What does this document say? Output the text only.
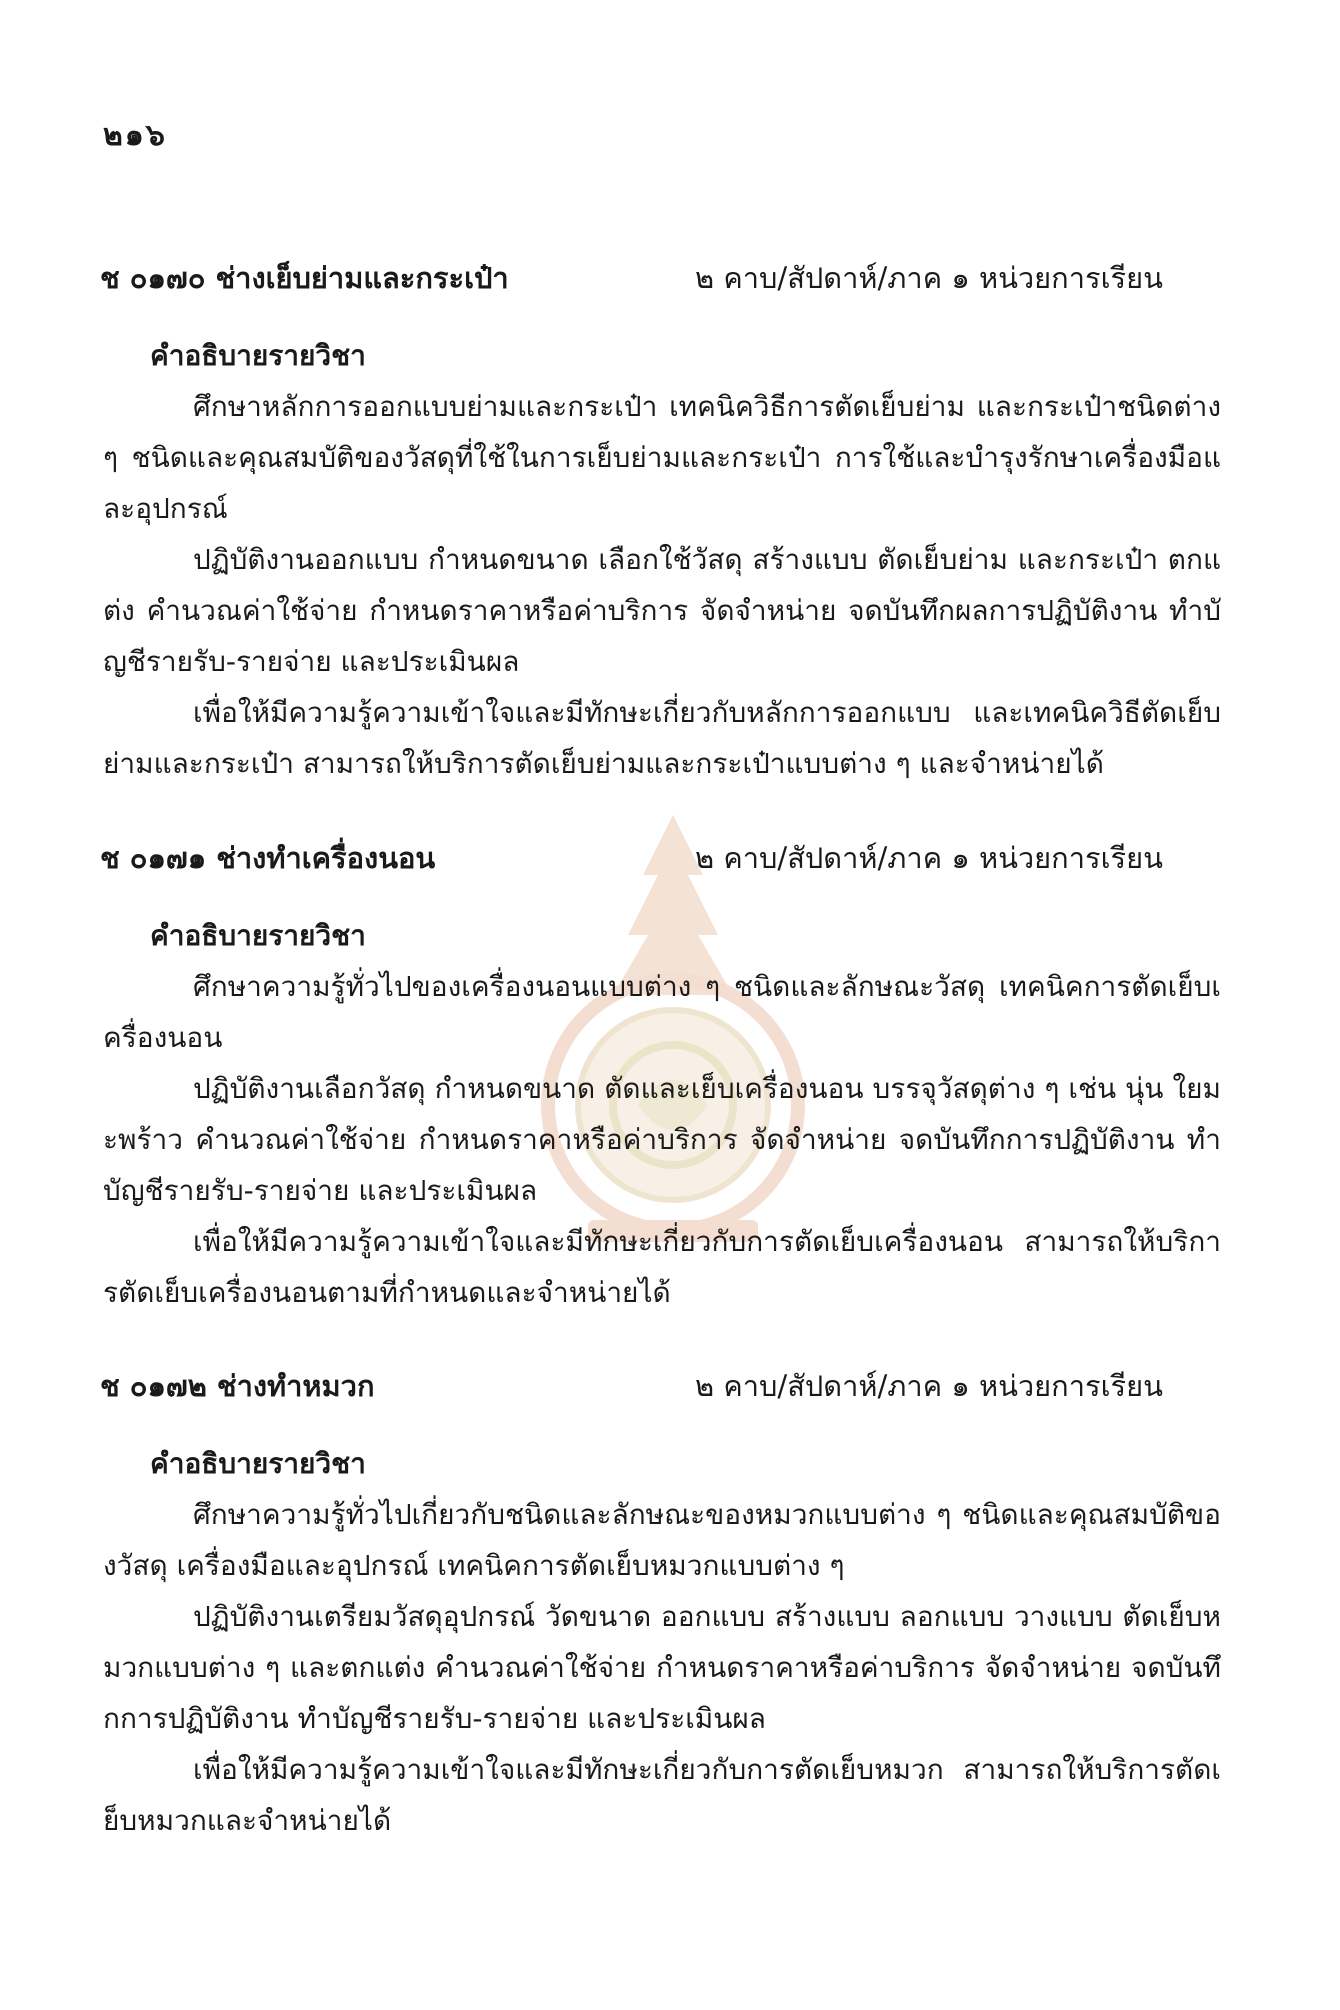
๒๑๖
ช ๐๑๗๐ ช่างเย็บย่ามและกระเป๋า	๒ คาบ/สัปดาห์/ภาค ๑ หน่วยการเรียน
คำอธิบายรายวิชา

ศึกษาหลักการออกแบบย่ามและกระเป๋า เทคนิควิธีการตัดเย็บย่าม และกระเป๋าชนิดต่าง ๆ ชนิดและคุณสมบัติของวัสดุที่ใช้ในการเย็บย่ามและกระเป๋า การใช้และบำรุงรักษาเครื่องมือและอุปกรณ์

ปฏิบัติงานออกแบบ กำหนดขนาด เลือกใช้วัสดุ สร้างแบบ ตัดเย็บย่าม และกระเป๋า ตกแต่ง คำนวณค่าใช้จ่าย กำหนดราคาหรือค่าบริการ จัดจำหน่าย จดบันทึกผลการปฏิบัติงาน ทำบัญชีรายรับ-รายจ่าย และประเมินผล

เพื่อให้มีความรู้ความเข้าใจและมีทักษะเกี่ยวกับหลักการออกแบบ และเทคนิควิธีตัดเย็บย่ามและกระเป๋า สามารถให้บริการตัดเย็บย่ามและกระเป๋าแบบต่าง ๆ และจำหน่ายได้

ช ๐๑๗๑ ช่างทำเครื่องนอน	๒ คาบ/สัปดาห์/ภาค ๑ หน่วยการเรียน
คำอธิบายรายวิชา

ศึกษาความรู้ทั่วไปของเครื่องนอนแบบต่าง ๆ ชนิดและลักษณะวัสดุ เทคนิคการตัดเย็บเครื่องนอน

ปฏิบัติงานเลือกวัสดุ กำหนดขนาด ตัดและเย็บเครื่องนอน บรรจุวัสดุต่าง ๆ เช่น นุ่น ใยมะพร้าว คำนวณค่าใช้จ่าย กำหนดราคาหรือค่าบริการ จัดจำหน่าย จดบันทึกการปฏิบัติงาน ทำบัญชีรายรับ-รายจ่าย และประเมินผล

เพื่อให้มีความรู้ความเข้าใจและมีทักษะเกี่ยวกับการตัดเย็บเครื่องนอน สามารถให้บริการตัดเย็บเครื่องนอนตามที่กำหนดและจำหน่ายได้

ช ๐๑๗๒ ช่างทำหมวก	๒ คาบ/สัปดาห์/ภาค ๑ หน่วยการเรียน
คำอธิบายรายวิชา

ศึกษาความรู้ทั่วไปเกี่ยวกับชนิดและลักษณะของหมวกแบบต่าง ๆ ชนิดและคุณสมบัติของวัสดุ เครื่องมือและอุปกรณ์ เทคนิคการตัดเย็บหมวกแบบต่าง ๆ

ปฏิบัติงานเตรียมวัสดุอุปกรณ์ วัดขนาด ออกแบบ สร้างแบบ ลอกแบบ วางแบบ ตัดเย็บหมวกแบบต่าง ๆ และตกแต่ง คำนวณค่าใช้จ่าย กำหนดราคาหรือค่าบริการ จัดจำหน่าย จดบันทึกการปฏิบัติงาน ทำบัญชีรายรับ-รายจ่าย และประเมินผล

เพื่อให้มีความรู้ความเข้าใจและมีทักษะเกี่ยวกับการตัดเย็บหมวก สามารถให้บริการตัดเย็บหมวกและจำหน่ายได้
